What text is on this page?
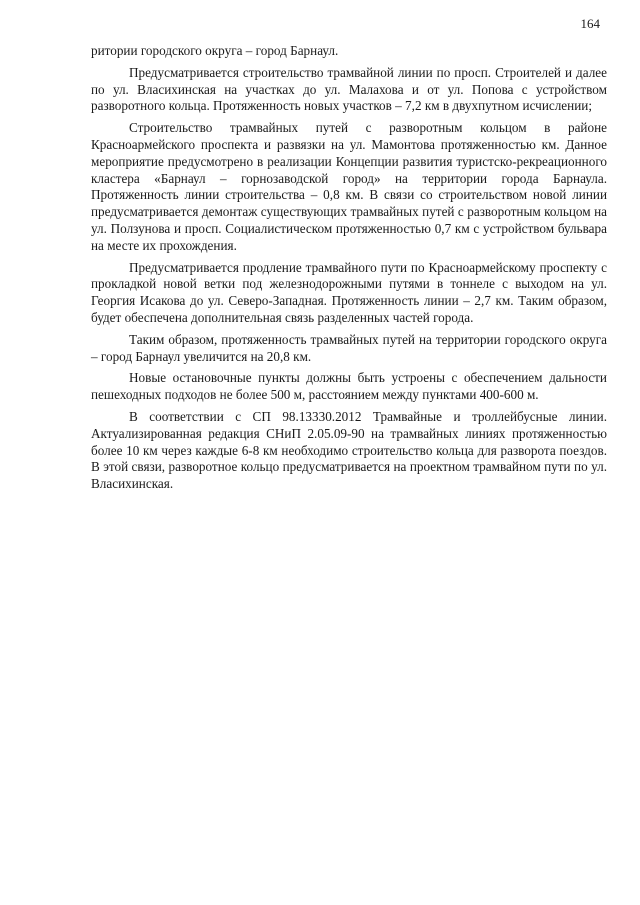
164

ритории городского округа – город Барнаул.

Предусматривается строительство трамвайной линии по просп. Строителей и далее по ул. Власихинская на участках до ул. Малахова и от ул. Попова с устройством разворотного кольца. Протяженность новых участков – 7,2 км в двухпутном исчислении;

Строительство трамвайных путей с разворотным кольцом в районе Красноармейского проспекта и развязки на ул. Мамонтова протяженностью км. Данное мероприятие предусмотрено в реализации Концепции развития туристско-рекреационного кластера «Барнаул – горнозаводской город» на территории города Барнаула. Протяженность линии строительства – 0,8 км. В связи со строительством новой линии предусматривается демонтаж существующих трамвайных путей с разворотным кольцом на ул. Ползунова и просп. Социалистическом протяженностью 0,7 км с устройством бульвара на месте их прохождения.

Предусматривается продление трамвайного пути по Красноармейскому проспекту с прокладкой новой ветки под железнодорожными путями в тоннеле с выходом на ул. Георгия Исакова до ул. Северо-Западная. Протяженность линии – 2,7 км. Таким образом, будет обеспечена дополнительная связь разделенных частей города.

Таким образом, протяженность трамвайных путей на территории городского округа – город Барнаул увеличится на 20,8 км.

Новые остановочные пункты должны быть устроены с обеспечением дальности пешеходных подходов не более 500 м, расстоянием между пунктами 400-600 м.

В соответствии с СП 98.13330.2012 Трамвайные и троллейбусные линии. Актуализированная редакция СНиП 2.05.09-90 на трамвайных линиях протяженностью более 10 км через каждые 6-8 км необходимо строительство кольца для разворота поездов. В этой связи, разворотное кольцо предусматривается на проектном трамвайном пути по ул. Власихинская.
